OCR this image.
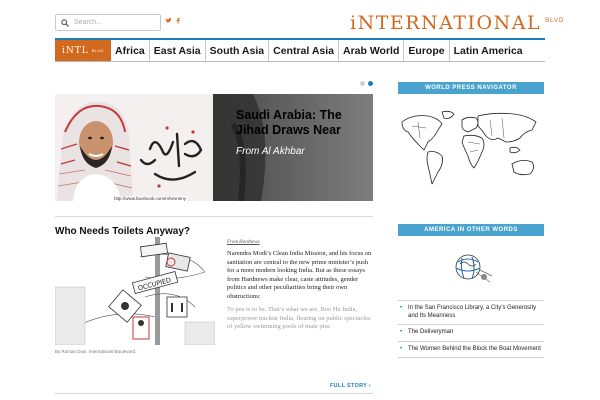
Search...
iNTERNATIONAL BLVD
iNTL BLVD	Africa East Asia South Asia Central Asia Arab World Europe Latin America
http://www.facebook.com/mhesneny
Saudi Arabia: The Jihad Draws Near
From Al Akhbar
Who Needs Toilets Anyway?
OCCUPIED
By Roman Duvi. International Boulevard.
From Hardnews
Narendra Modi’s Clean India Mission, and his focus on sanitation are central to the new prime minister’s push for a more modern looking India. But as these essays from Hardnews make clear, caste attitudes, gender politics and other peculiarities bring their own obstructions:
To pee is to be. That’s what we are, Boo Ha India, superpower nuclear India, floating on public spectacles of yellow swimming pools of male piss.
FULL STORY ›
WORLD PRESS NAVIGATOR
AMERICA IN OTHER WORDS
• In the San Francisco Library, a City’s Generosity and Its Meanness
• The Deliveryman
• The Women Behind the Block the Boat Movement
